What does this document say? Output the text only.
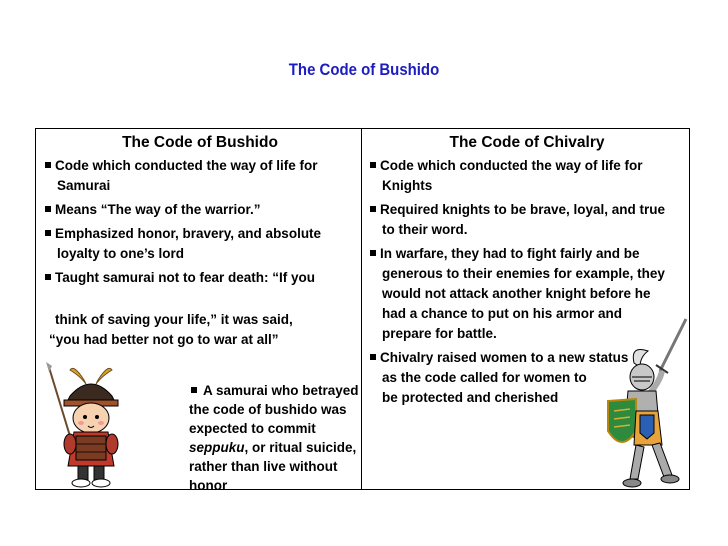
The Code of Bushido
The Code of Bushido
Code which conducted the way of life for
Samurai
Means “The way of the warrior.”
Emphasized honor, bravery, and absolute
loyalty to one’s lord
Taught samurai not to fear death: “If you
think of saving your life,” it was said,
“you had better not go to war at all”
A samurai who betrayed the code of bushido was expected to commit seppuku, or ritual suicide, rather than live without honor
The Code of Chivalry
Code which conducted the way of life for
Knights
Required knights to be brave, loyal, and true
to their word.
In warfare, they had to fight fairly and be
generous to their enemies for example, they
would not attack another knight before he
had a chance to put on his armor and
prepare for battle.
Chivalry raised women to a new status
as the code called for women to
be protected and cherished
